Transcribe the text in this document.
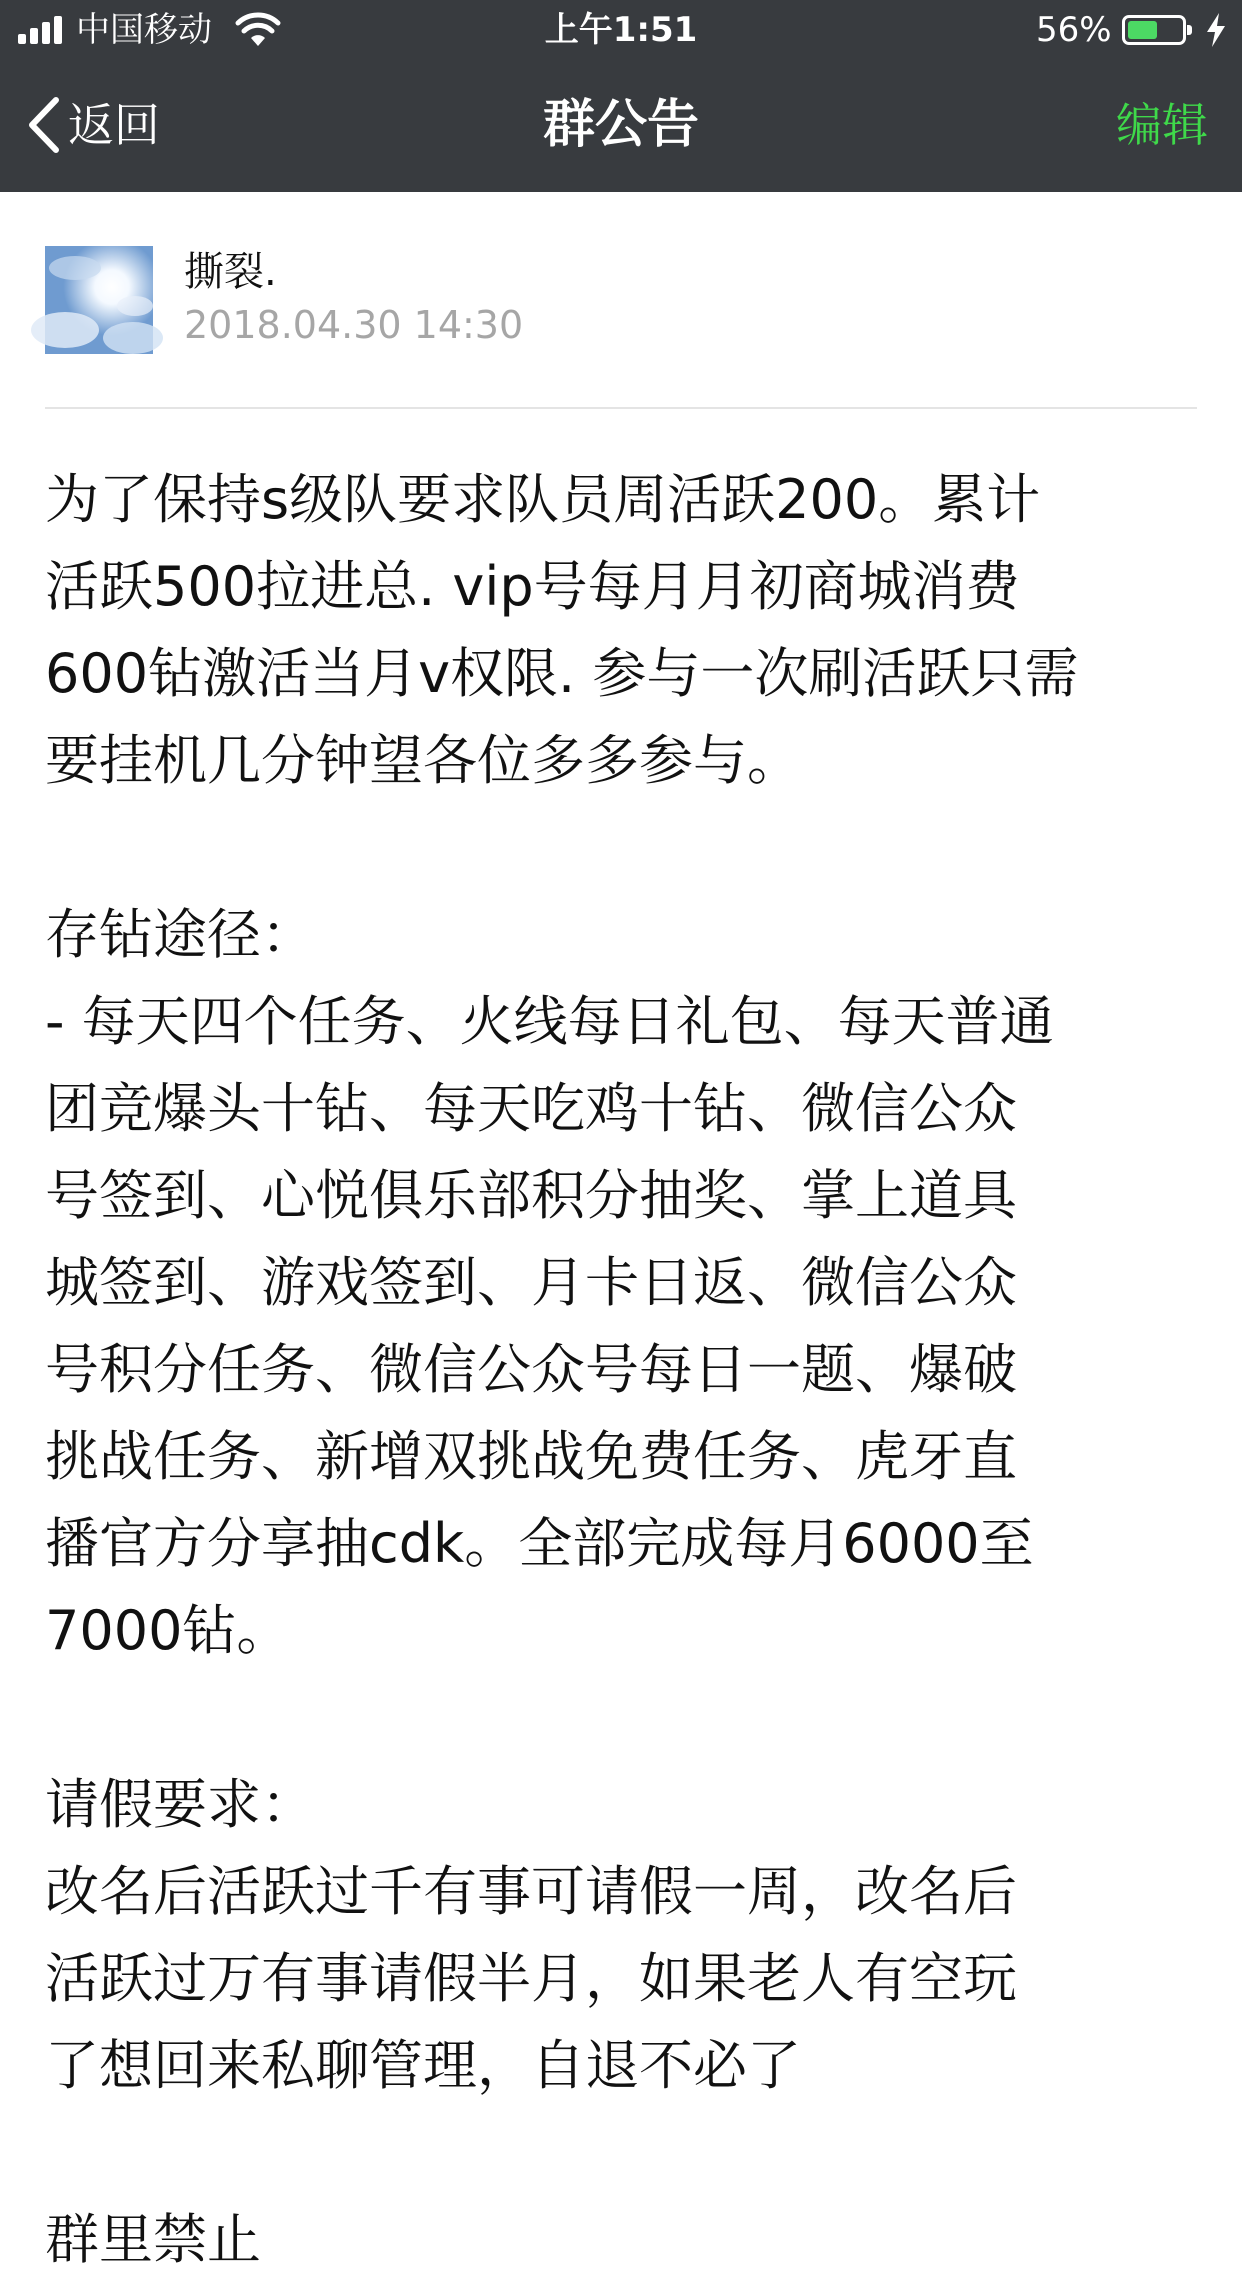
中国移动	上午1:51	56%
返回	群公告	编辑
撕裂.
2018.04.30 14:30
为了保持s级队要求队员周活跃200。累计
活跃500拉进总. vip号每月月初商城消费
600钻激活当月v权限. 参与一次刷活跃只需
要挂机几分钟望各位多多参与。
存钻途径：
- 每天四个任务、火线每日礼包、每天普通
团竞爆头十钻、每天吃鸡十钻、微信公众
号签到、心悦俱乐部积分抽奖、掌上道具
城签到、游戏签到、月卡日返、微信公众
号积分任务、微信公众号每日一题、爆破
挑战任务、新增双挑战免费任务、虎牙直
播官方分享抽cdk。全部完成每月6000至
7000钻。
请假要求：
改名后活跃过千有事可请假一周，改名后
活跃过万有事请假半月，如果老人有空玩
了想回来私聊管理，自退不必了
群里禁止
